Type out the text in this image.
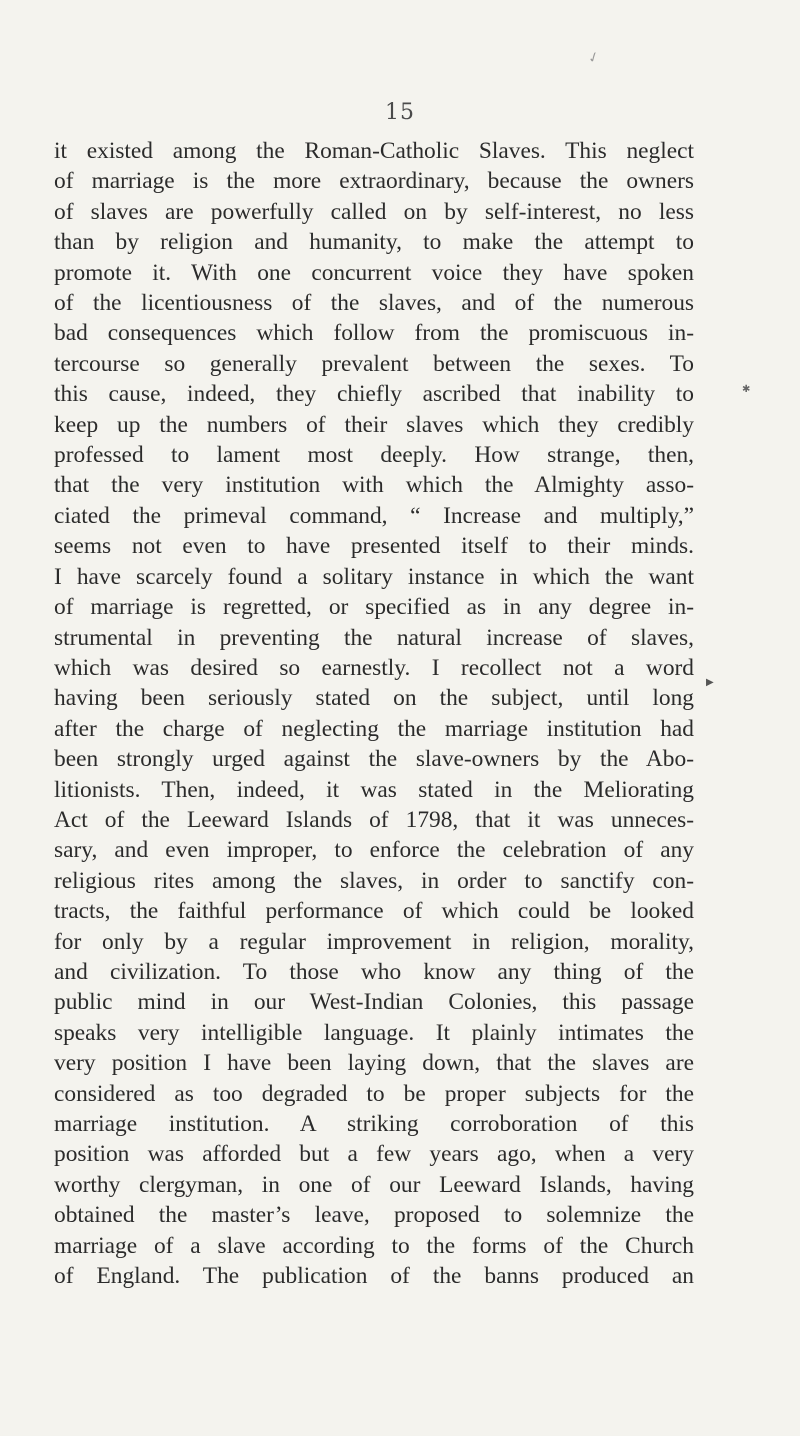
✓
✱
▶
15

it existed among the Roman-Catholic Slaves. This neglect
of marriage is the more extraordinary, because the owners
of slaves are powerfully called on by self-interest, no less
than by religion and humanity, to make the attempt to
promote it. With one concurrent voice they have spoken
of the licentiousness of the slaves, and of the numerous
bad consequences which follow from the promiscuous in-
tercourse so generally prevalent between the sexes. To
this cause, indeed, they chiefly ascribed that inability to
keep up the numbers of their slaves which they credibly
professed to lament most deeply. How strange, then,
that the very institution with which the Almighty asso-
ciated the primeval command, “ Increase and multiply,”
seems not even to have presented itself to their minds.
I have scarcely found a solitary instance in which the want
of marriage is regretted, or specified as in any degree in-
strumental in preventing the natural increase of slaves,
which was desired so earnestly. I recollect not a word
having been seriously stated on the subject, until long
after the charge of neglecting the marriage institution had
been strongly urged against the slave-owners by the Abo-
litionists. Then, indeed, it was stated in the Meliorating
Act of the Leeward Islands of 1798, that it was unneces-
sary, and even improper, to enforce the celebration of any
religious rites among the slaves, in order to sanctify con-
tracts, the faithful performance of which could be looked
for only by a regular improvement in religion, morality,
and civilization. To those who know any thing of the
public mind in our West-Indian Colonies, this passage
speaks very intelligible language. It plainly intimates the
very position I have been laying down, that the slaves are
considered as too degraded to be proper subjects for the
marriage institution. A striking corroboration of this
position was afforded but a few years ago, when a very
worthy clergyman, in one of our Leeward Islands, having
obtained the master’s leave, proposed to solemnize the
marriage of a slave according to the forms of the Church
of England. The publication of the banns produced an
